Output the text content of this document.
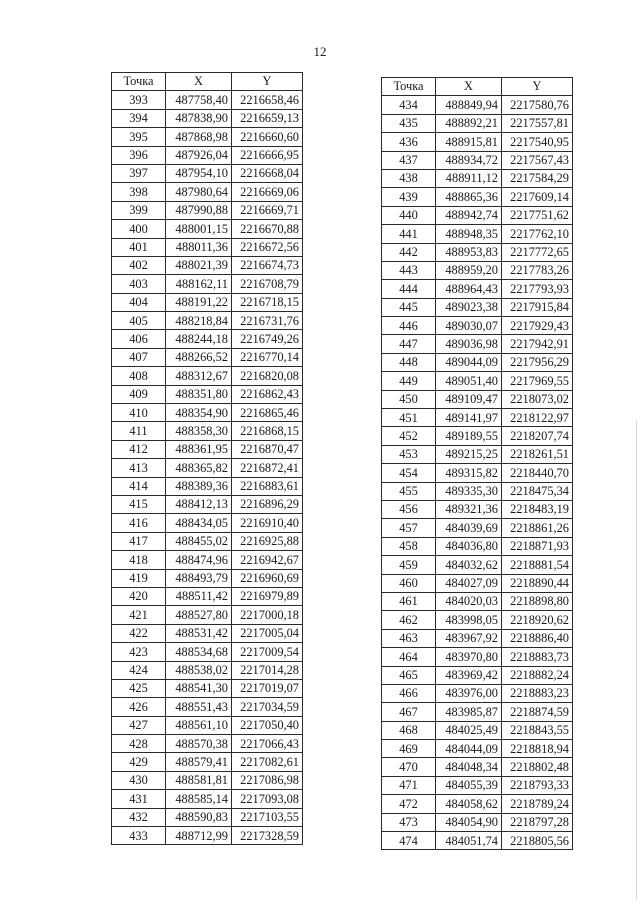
12
Точка	X	Y
393	487758,40	2216658,46
394	487838,90	2216659,13
395	487868,98	2216660,60
396	487926,04	2216666,95
397	487954,10	2216668,04
398	487980,64	2216669,06
399	487990,88	2216669,71
400	488001,15	2216670,88
401	488011,36	2216672,56
402	488021,39	2216674,73
403	488162,11	2216708,79
404	488191,22	2216718,15
405	488218,84	2216731,76
406	488244,18	2216749,26
407	488266,52	2216770,14
408	488312,67	2216820,08
409	488351,80	2216862,43
410	488354,90	2216865,46
411	488358,30	2216868,15
412	488361,95	2216870,47
413	488365,82	2216872,41
414	488389,36	2216883,61
415	488412,13	2216896,29
416	488434,05	2216910,40
417	488455,02	2216925,88
418	488474,96	2216942,67
419	488493,79	2216960,69
420	488511,42	2216979,89
421	488527,80	2217000,18
422	488531,42	2217005,04
423	488534,68	2217009,54
424	488538,02	2217014,28
425	488541,30	2217019,07
426	488551,43	2217034,59
427	488561,10	2217050,40
428	488570,38	2217066,43
429	488579,41	2217082,61
430	488581,81	2217086,98
431	488585,14	2217093,08
432	488590,83	2217103,55
433	488712,99	2217328,59
Точка	X	Y
434	488849,94	2217580,76
435	488892,21	2217557,81
436	488915,81	2217540,95
437	488934,72	2217567,43
438	488911,12	2217584,29
439	488865,36	2217609,14
440	488942,74	2217751,62
441	488948,35	2217762,10
442	488953,83	2217772,65
443	488959,20	2217783,26
444	488964,43	2217793,93
445	489023,38	2217915,84
446	489030,07	2217929,43
447	489036,98	2217942,91
448	489044,09	2217956,29
449	489051,40	2217969,55
450	489109,47	2218073,02
451	489141,97	2218122,97
452	489189,55	2218207,74
453	489215,25	2218261,51
454	489315,82	2218440,70
455	489335,30	2218475,34
456	489321,36	2218483,19
457	484039,69	2218861,26
458	484036,80	2218871,93
459	484032,62	2218881,54
460	484027,09	2218890,44
461	484020,03	2218898,80
462	483998,05	2218920,62
463	483967,92	2218886,40
464	483970,80	2218883,73
465	483969,42	2218882,24
466	483976,00	2218883,23
467	483985,87	2218874,59
468	484025,49	2218843,55
469	484044,09	2218818,94
470	484048,34	2218802,48
471	484055,39	2218793,33
472	484058,62	2218789,24
473	484054,90	2218797,28
474	484051,74	2218805,56
